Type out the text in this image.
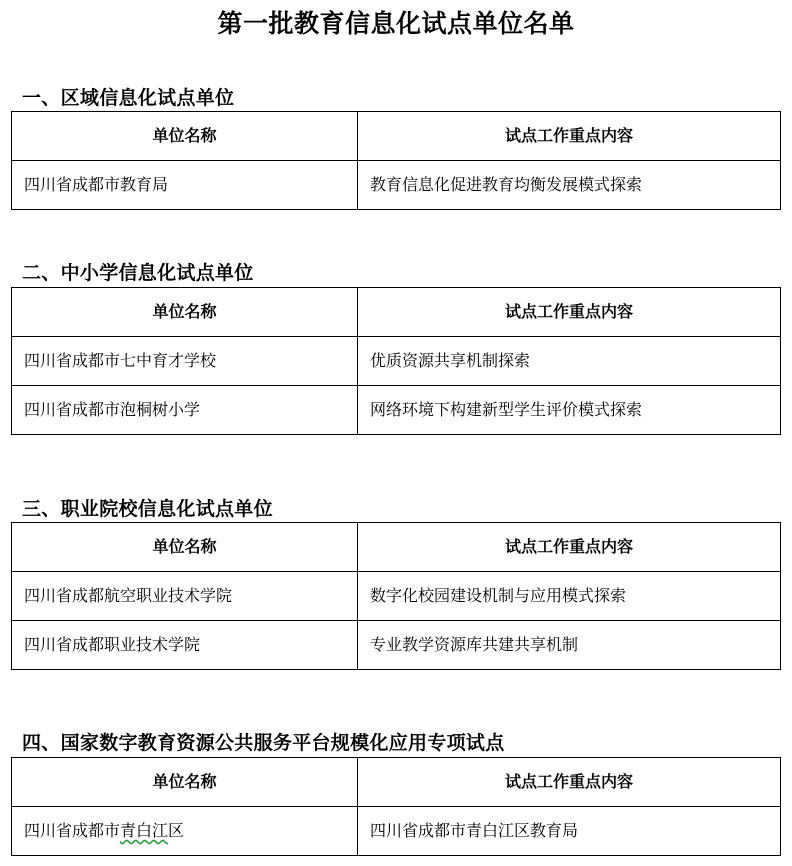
第一批教育信息化试点单位名单
一、区域信息化试点单位
单位名称	试点工作重点内容
四川省成都市教育局	教育信息化促进教育均衡发展模式探索
二、中小学信息化试点单位
单位名称	试点工作重点内容
四川省成都市七中育才学校	优质资源共享机制探索
四川省成都市泡桐树小学	网络环境下构建新型学生评价模式探索
三、职业院校信息化试点单位
单位名称	试点工作重点内容
四川省成都航空职业技术学院	数字化校园建设机制与应用模式探索
四川省成都职业技术学院	专业教学资源库共建共享机制
四、国家数字教育资源公共服务平台规模化应用专项试点
单位名称	试点工作重点内容
四川省成都市青白江区	四川省成都市青白江区教育局
